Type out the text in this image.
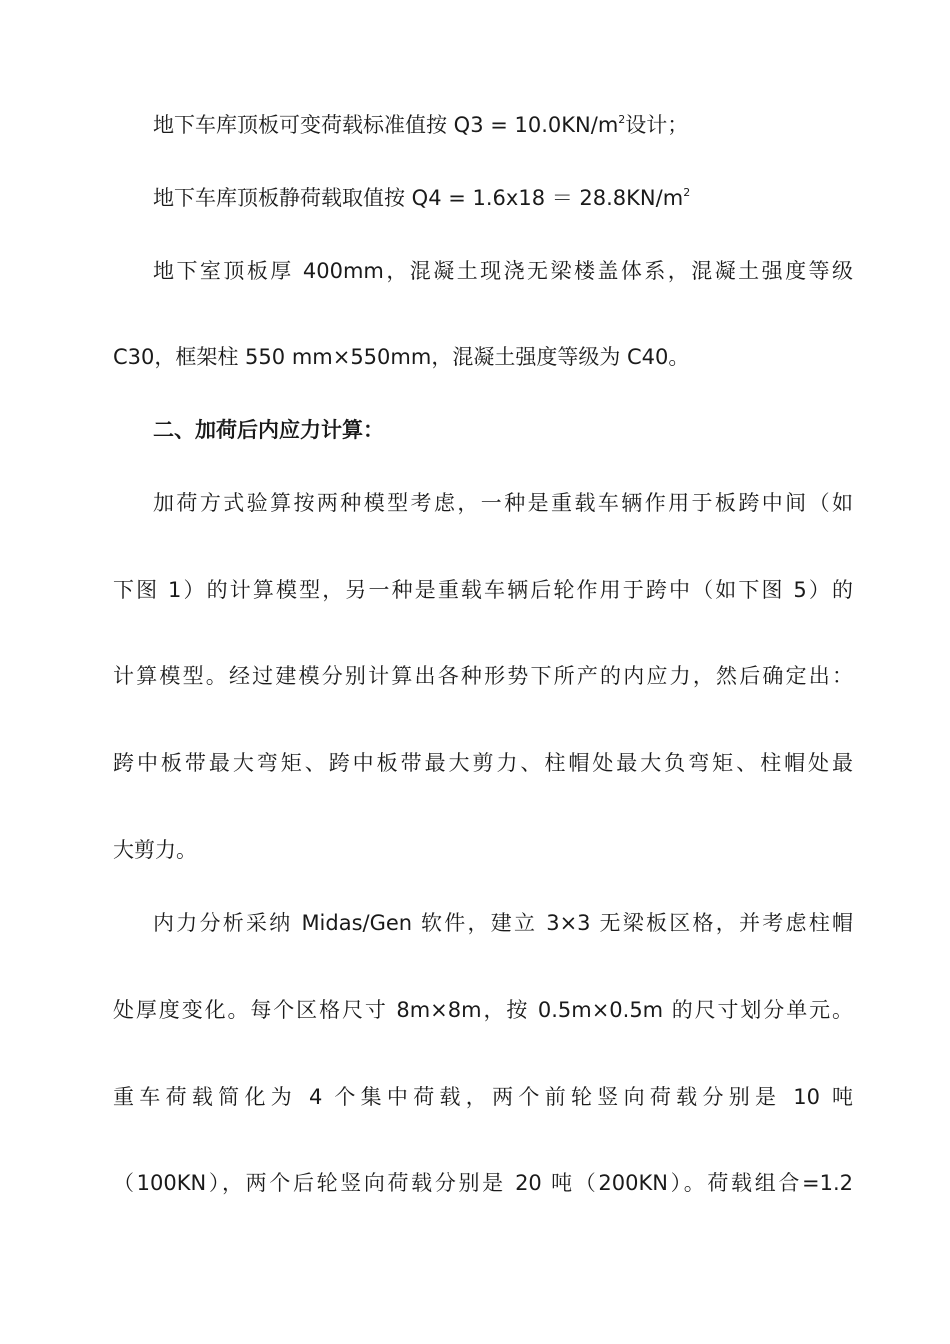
地下车库顶板可变荷载标准值按 $Q3 = 10.0KN/m^2$设计；
地下车库顶板静荷载取值按 $Q4 = 1.6x18 = 28.8KN/m^2$
地下室顶板厚 400mm，混凝土现浇无梁楼盖体系，混凝土强度等级
C30，框架柱 550 mm×550mm，混凝土强度等级为 C40。
二、加荷后内应力计算：
加荷方式验算按两种模型考虑，一种是重载车辆作用于板跨中间（如
下图 1）的计算模型，另一种是重载车辆后轮作用于跨中（如下图 5）的
计算模型。经过建模分别计算出各种形势下所产的内应力，然后确定出：
跨中板带最大弯矩、跨中板带最大剪力、柱帽处最大负弯矩、柱帽处最
大剪力。
内力分析采纳 Midas/Gen 软件，建立 3×3 无梁板区格，并考虑柱帽
处厚度变化。每个区格尺寸 8m×8m，按 0.5m×0.5m 的尺寸划分单元。
重车荷载简化为 4 个集中荷载，两个前轮竖向荷载分别是 10 吨
（100KN），两个后轮竖向荷载分别是 20 吨（200KN）。荷载组合=1.2
